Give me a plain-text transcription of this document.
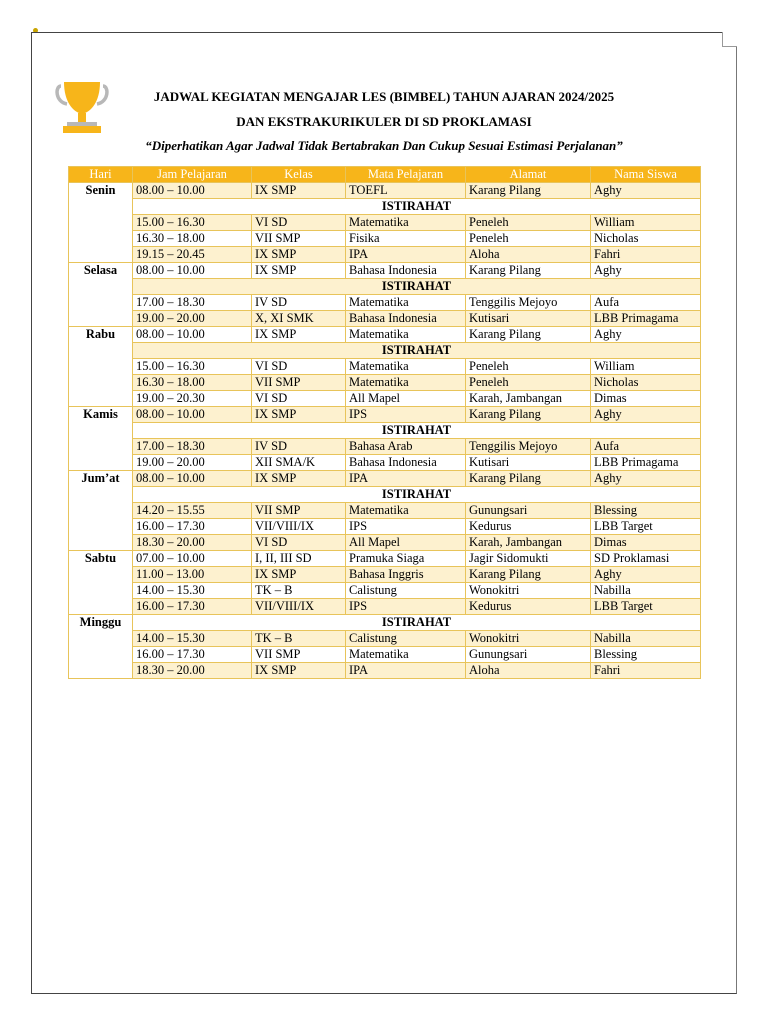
JADWAL KEGIATAN MENGAJAR LES (BIMBEL) TAHUN AJARAN 2024/2025
DAN EKSTRAKURIKULER DI SD PROKLAMASI
“Diperhatikan Agar Jadwal Tidak Bertabrakan Dan Cukup Sesuai Estimasi Perjalanan”
Hari	Jam Pelajaran	Kelas	Mata Pelajaran	Alamat	Nama Siswa
Senin	08.00 – 10.00	IX SMP	TOEFL	Karang Pilang	Aghy
	ISTIRAHAT				
	15.00 – 16.30	VI SD	Matematika	Peneleh	William
	16.30 – 18.00	VII SMP	Fisika	Peneleh	Nicholas
	19.15 – 20.45	IX SMP	IPA	Aloha	Fahri
Selasa	08.00 – 10.00	IX SMP	Bahasa Indonesia	Karang Pilang	Aghy
	ISTIRAHAT				
	17.00 – 18.30	IV SD	Matematika	Tenggilis Mejoyo	Aufa
	19.00 – 20.00	X, XI SMK	Bahasa Indonesia	Kutisari	LBB Primagama
Rabu	08.00 – 10.00	IX SMP	Matematika	Karang Pilang	Aghy
	ISTIRAHAT				
	15.00 – 16.30	VI SD	Matematika	Peneleh	William
	16.30 – 18.00	VII SMP	Matematika	Peneleh	Nicholas
	19.00 – 20.30	VI SD	All Mapel	Karah, Jambangan	Dimas
Kamis	08.00 – 10.00	IX SMP	IPS	Karang Pilang	Aghy
	ISTIRAHAT				
	17.00 – 18.30	IV SD	Bahasa Arab	Tenggilis Mejoyo	Aufa
	19.00 – 20.00	XII SMA/K	Bahasa Indonesia	Kutisari	LBB Primagama
Jum’at	08.00 – 10.00	IX SMP	IPA	Karang Pilang	Aghy
	ISTIRAHAT				
	14.20 – 15.55	VII SMP	Matematika	Gunungsari	Blessing
	16.00 – 17.30	VII/VIII/IX	IPS	Kedurus	LBB Target
	18.30 – 20.00	VI SD	All Mapel	Karah, Jambangan	Dimas
Sabtu	07.00 – 10.00	I, II, III SD	Pramuka Siaga	Jagir Sidomukti	SD Proklamasi
	11.00 – 13.00	IX SMP	Bahasa Inggris	Karang Pilang	Aghy
	14.00 – 15.30	TK – B	Calistung	Wonokitri	Nabilla
	16.00 – 17.30	VII/VIII/IX	IPS	Kedurus	LBB Target
Minggu	ISTIRAHAT				
	14.00 – 15.30	TK – B	Calistung	Wonokitri	Nabilla
	16.00 – 17.30	VII SMP	Matematika	Gunungsari	Blessing
	18.30 – 20.00	IX SMP	IPA	Aloha	Fahri
